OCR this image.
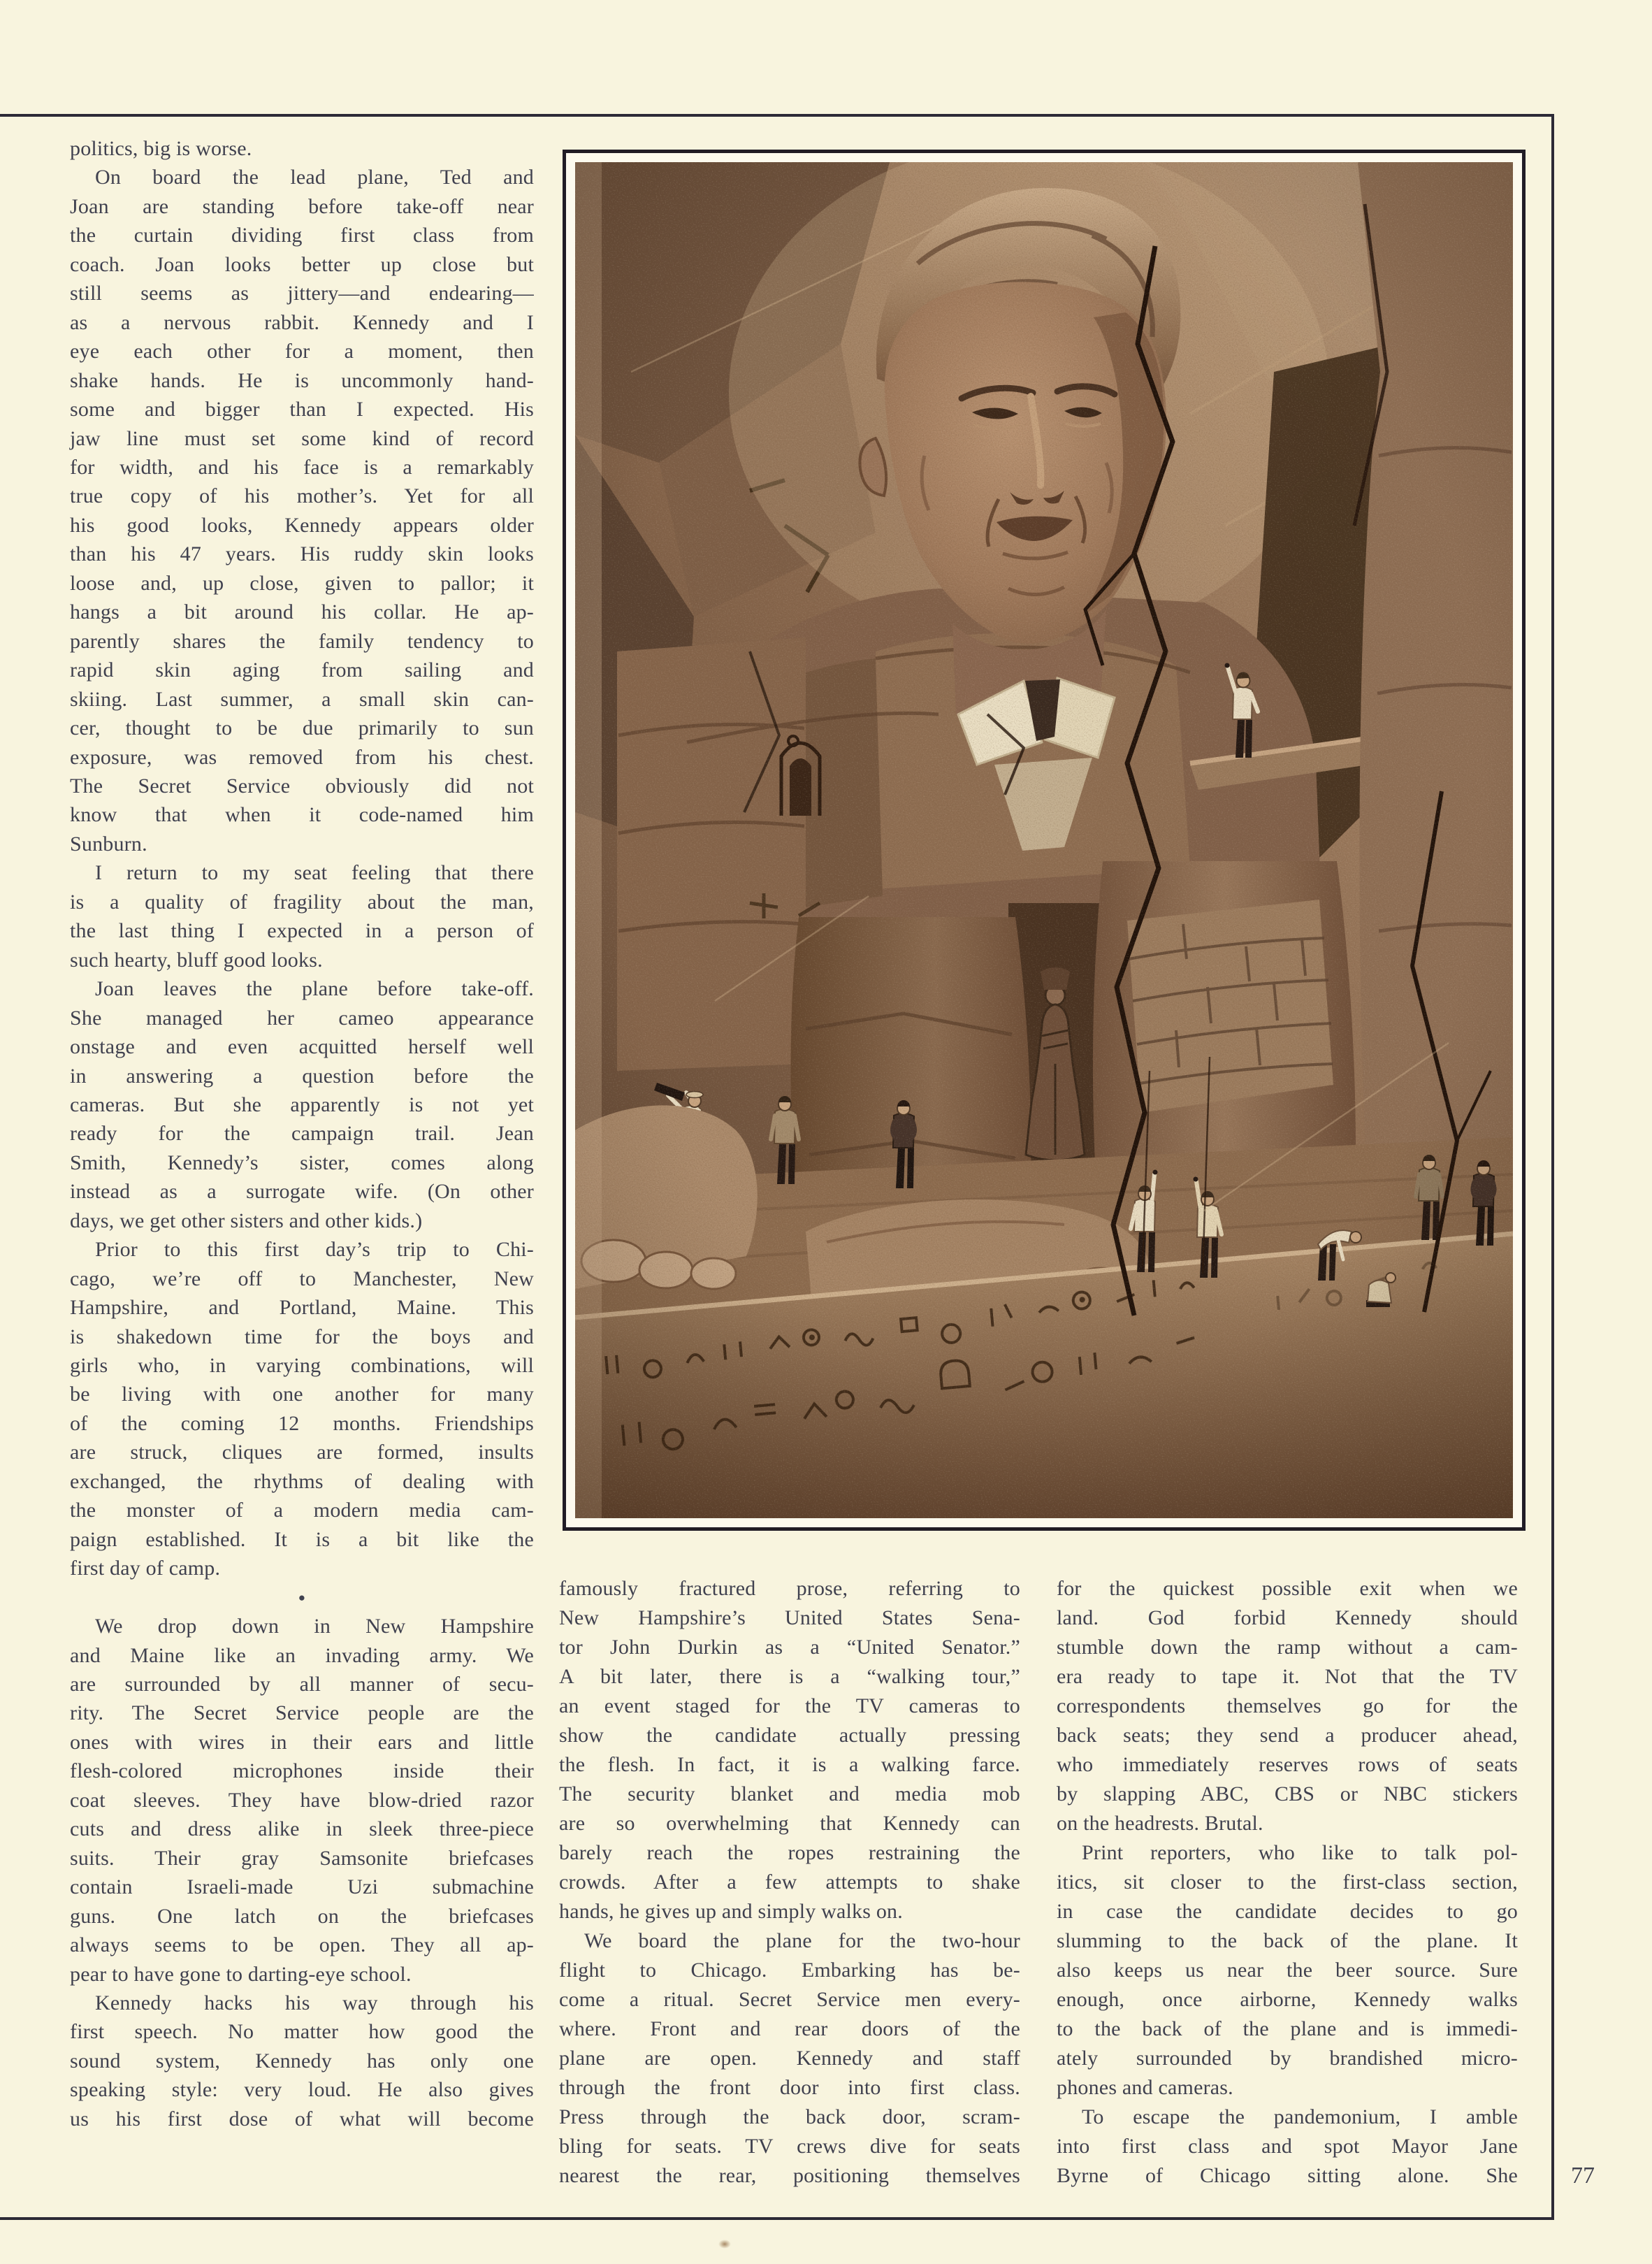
politics, big is worse.
On board the lead plane, Ted and
Joan are standing before take-off near
the curtain dividing first class from
coach. Joan looks better up close but
still seems as jittery—and endearing—
as a nervous rabbit. Kennedy and I
eye each other for a moment, then
shake hands. He is uncommonly hand-
some and bigger than I expected. His
jaw line must set some kind of record
for width, and his face is a remarkably
true copy of his mother’s. Yet for all
his good looks, Kennedy appears older
than his 47 years. His ruddy skin looks
loose and, up close, given to pallor; it
hangs a bit around his collar. He ap-
parently shares the family tendency to
rapid skin aging from sailing and
skiing. Last summer, a small skin can-
cer, thought to be due primarily to sun
exposure, was removed from his chest.
The Secret Service obviously did not
know that when it code-named him
Sunburn.
I return to my seat feeling that there
is a quality of fragility about the man,
the last thing I expected in a person of
such hearty, bluff good looks.
Joan leaves the plane before take-off.
She managed her cameo appearance
onstage and even acquitted herself well
in answering a question before the
cameras. But she apparently is not yet
ready for the campaign trail. Jean
Smith, Kennedy’s sister, comes along
instead as a surrogate wife. (On other
days, we get other sisters and other kids.)
Prior to this first day’s trip to Chi-
cago, we’re off to Manchester, New
Hampshire, and Portland, Maine. This
is shakedown time for the boys and
girls who, in varying combinations, will
be living with one another for many
of the coming 12 months. Friendships
are struck, cliques are formed, insults
exchanged, the rhythms of dealing with
the monster of a modern media cam-
paign established. It is a bit like the
first day of camp.
●
We drop down in New Hampshire
and Maine like an invading army. We
are surrounded by all manner of secu-
rity. The Secret Service people are the
ones with wires in their ears and little
flesh-colored microphones inside their
coat sleeves. They have blow-dried razor
cuts and dress alike in sleek three-piece
suits. Their gray Samsonite briefcases
contain Israeli-made Uzi submachine
guns. One latch on the briefcases
always seems to be open. They all ap-
pear to have gone to darting-eye school.
Kennedy hacks his way through his
first speech. No matter how good the
sound system, Kennedy has only one
speaking style: very loud. He also gives
us his first dose of what will become
famously fractured prose, referring to
New Hampshire’s United States Sena-
tor John Durkin as a “United Senator.”
A bit later, there is a “walking tour,”
an event staged for the TV cameras to
show the candidate actually pressing
the flesh. In fact, it is a walking farce.
The security blanket and media mob
are so overwhelming that Kennedy can
barely reach the ropes restraining the
crowds. After a few attempts to shake
hands, he gives up and simply walks on.
We board the plane for the two-hour
flight to Chicago. Embarking has be-
come a ritual. Secret Service men every-
where. Front and rear doors of the
plane are open. Kennedy and staff
through the front door into first class.
Press through the back door, scram-
bling for seats. TV crews dive for seats
nearest the rear, positioning themselves
for the quickest possible exit when we
land. God forbid Kennedy should
stumble down the ramp without a cam-
era ready to tape it. Not that the TV
correspondents themselves go for the
back seats; they send a producer ahead,
who immediately reserves rows of seats
by slapping ABC, CBS or NBC stickers
on the headrests. Brutal.
Print reporters, who like to talk pol-
itics, sit closer to the first-class section,
in case the candidate decides to go
slumming to the back of the plane. It
also keeps us near the beer source. Sure
enough, once airborne, Kennedy walks
to the back of the plane and is immedi-
ately surrounded by brandished micro-
phones and cameras.
To escape the pandemonium, I amble
into first class and spot Mayor Jane
Byrne of Chicago sitting alone. She 77
